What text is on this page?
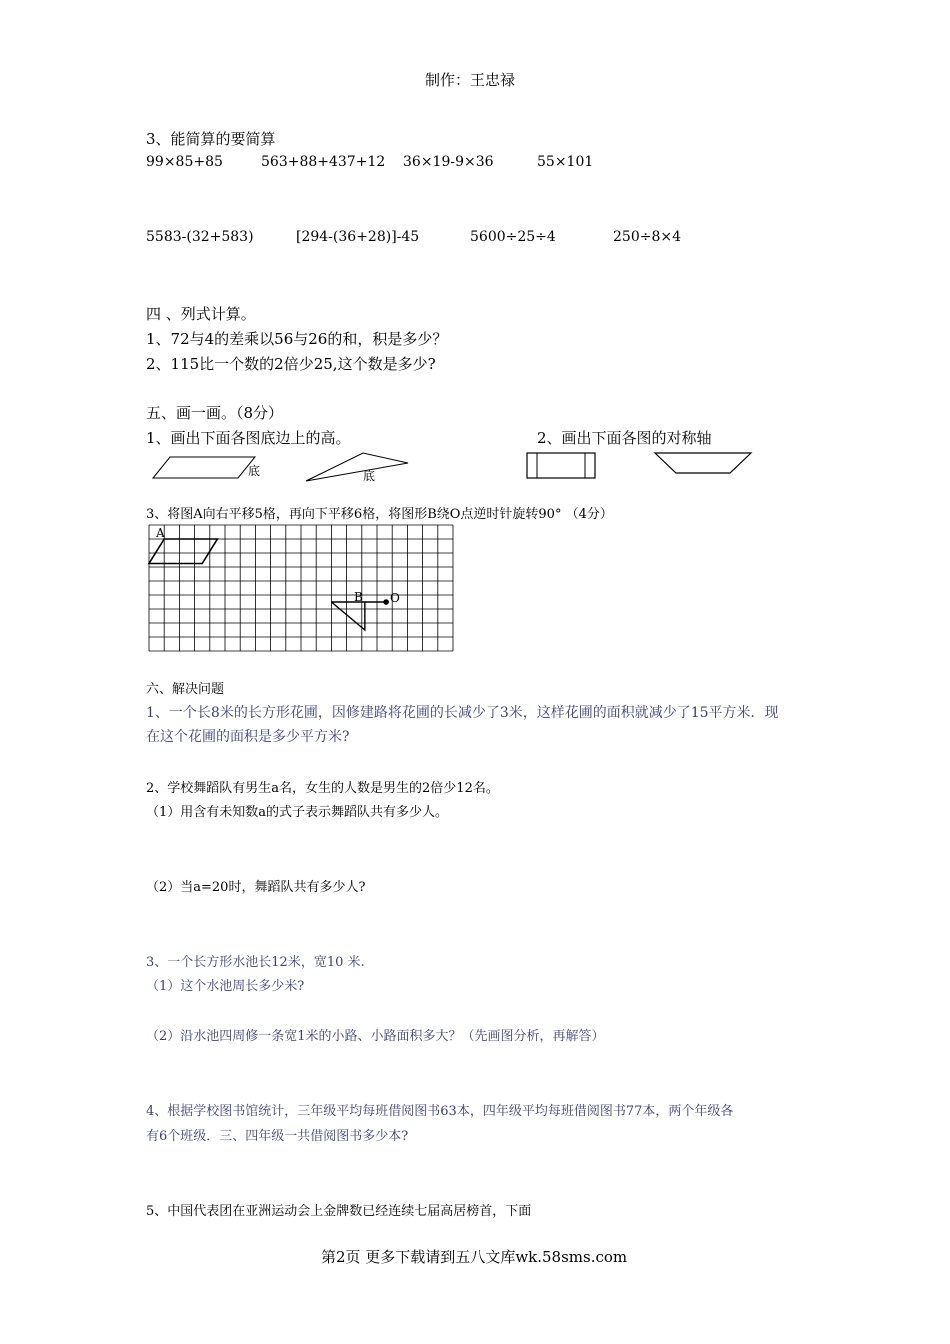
制作：王忠禄
3、能简算的要简算
99×85+85	563+88+437+12 36×19-9×36	55×101
5583-(32+583)	[294-(36+28)]-45	5600÷25÷4	250÷8×4
四 、列式计算。
1、72与4的差乘以56与26的和，积是多少？
2、115比一个数的2倍少25,这个数是多少?
五、画一画。（8分）
1、画出下面各图底边上的高。	2、画出下面各图的对称轴
底	底
3、将图A向右平移5格，再向下平移6格，将图形B绕O点逆时针旋转90° （4分）
A
B O
六、解决问题
1、一个长8米的长方形花圃，因修建路将花圃的长减少了3米，这样花圃的面积就减少了15平方米．现
在这个花圃的面积是多少平方米?
2、学校舞蹈队有男生a名，女生的人数是男生的2倍少12名。
（1）用含有未知数a的式子表示舞蹈队共有多少人。
（2）当a=20时，舞蹈队共有多少人?
3、一个长方形水池长12米，宽10 米.
（1）这个水池周长多少米?
（2）沿水池四周修一条宽1米的小路、小路面积多大？（先画图分析，再解答）
4、根据学校图书馆统计，三年级平均每班借阅图书63本，四年级平均每班借阅图书77本，两个年级各
有6个班级．三、四年级一共借阅图书多少本?
5、中国代表团在亚洲运动会上金牌数已经连续七届高居榜首，下面
第2页 更多下载请到五八文库wk.58sms.com
